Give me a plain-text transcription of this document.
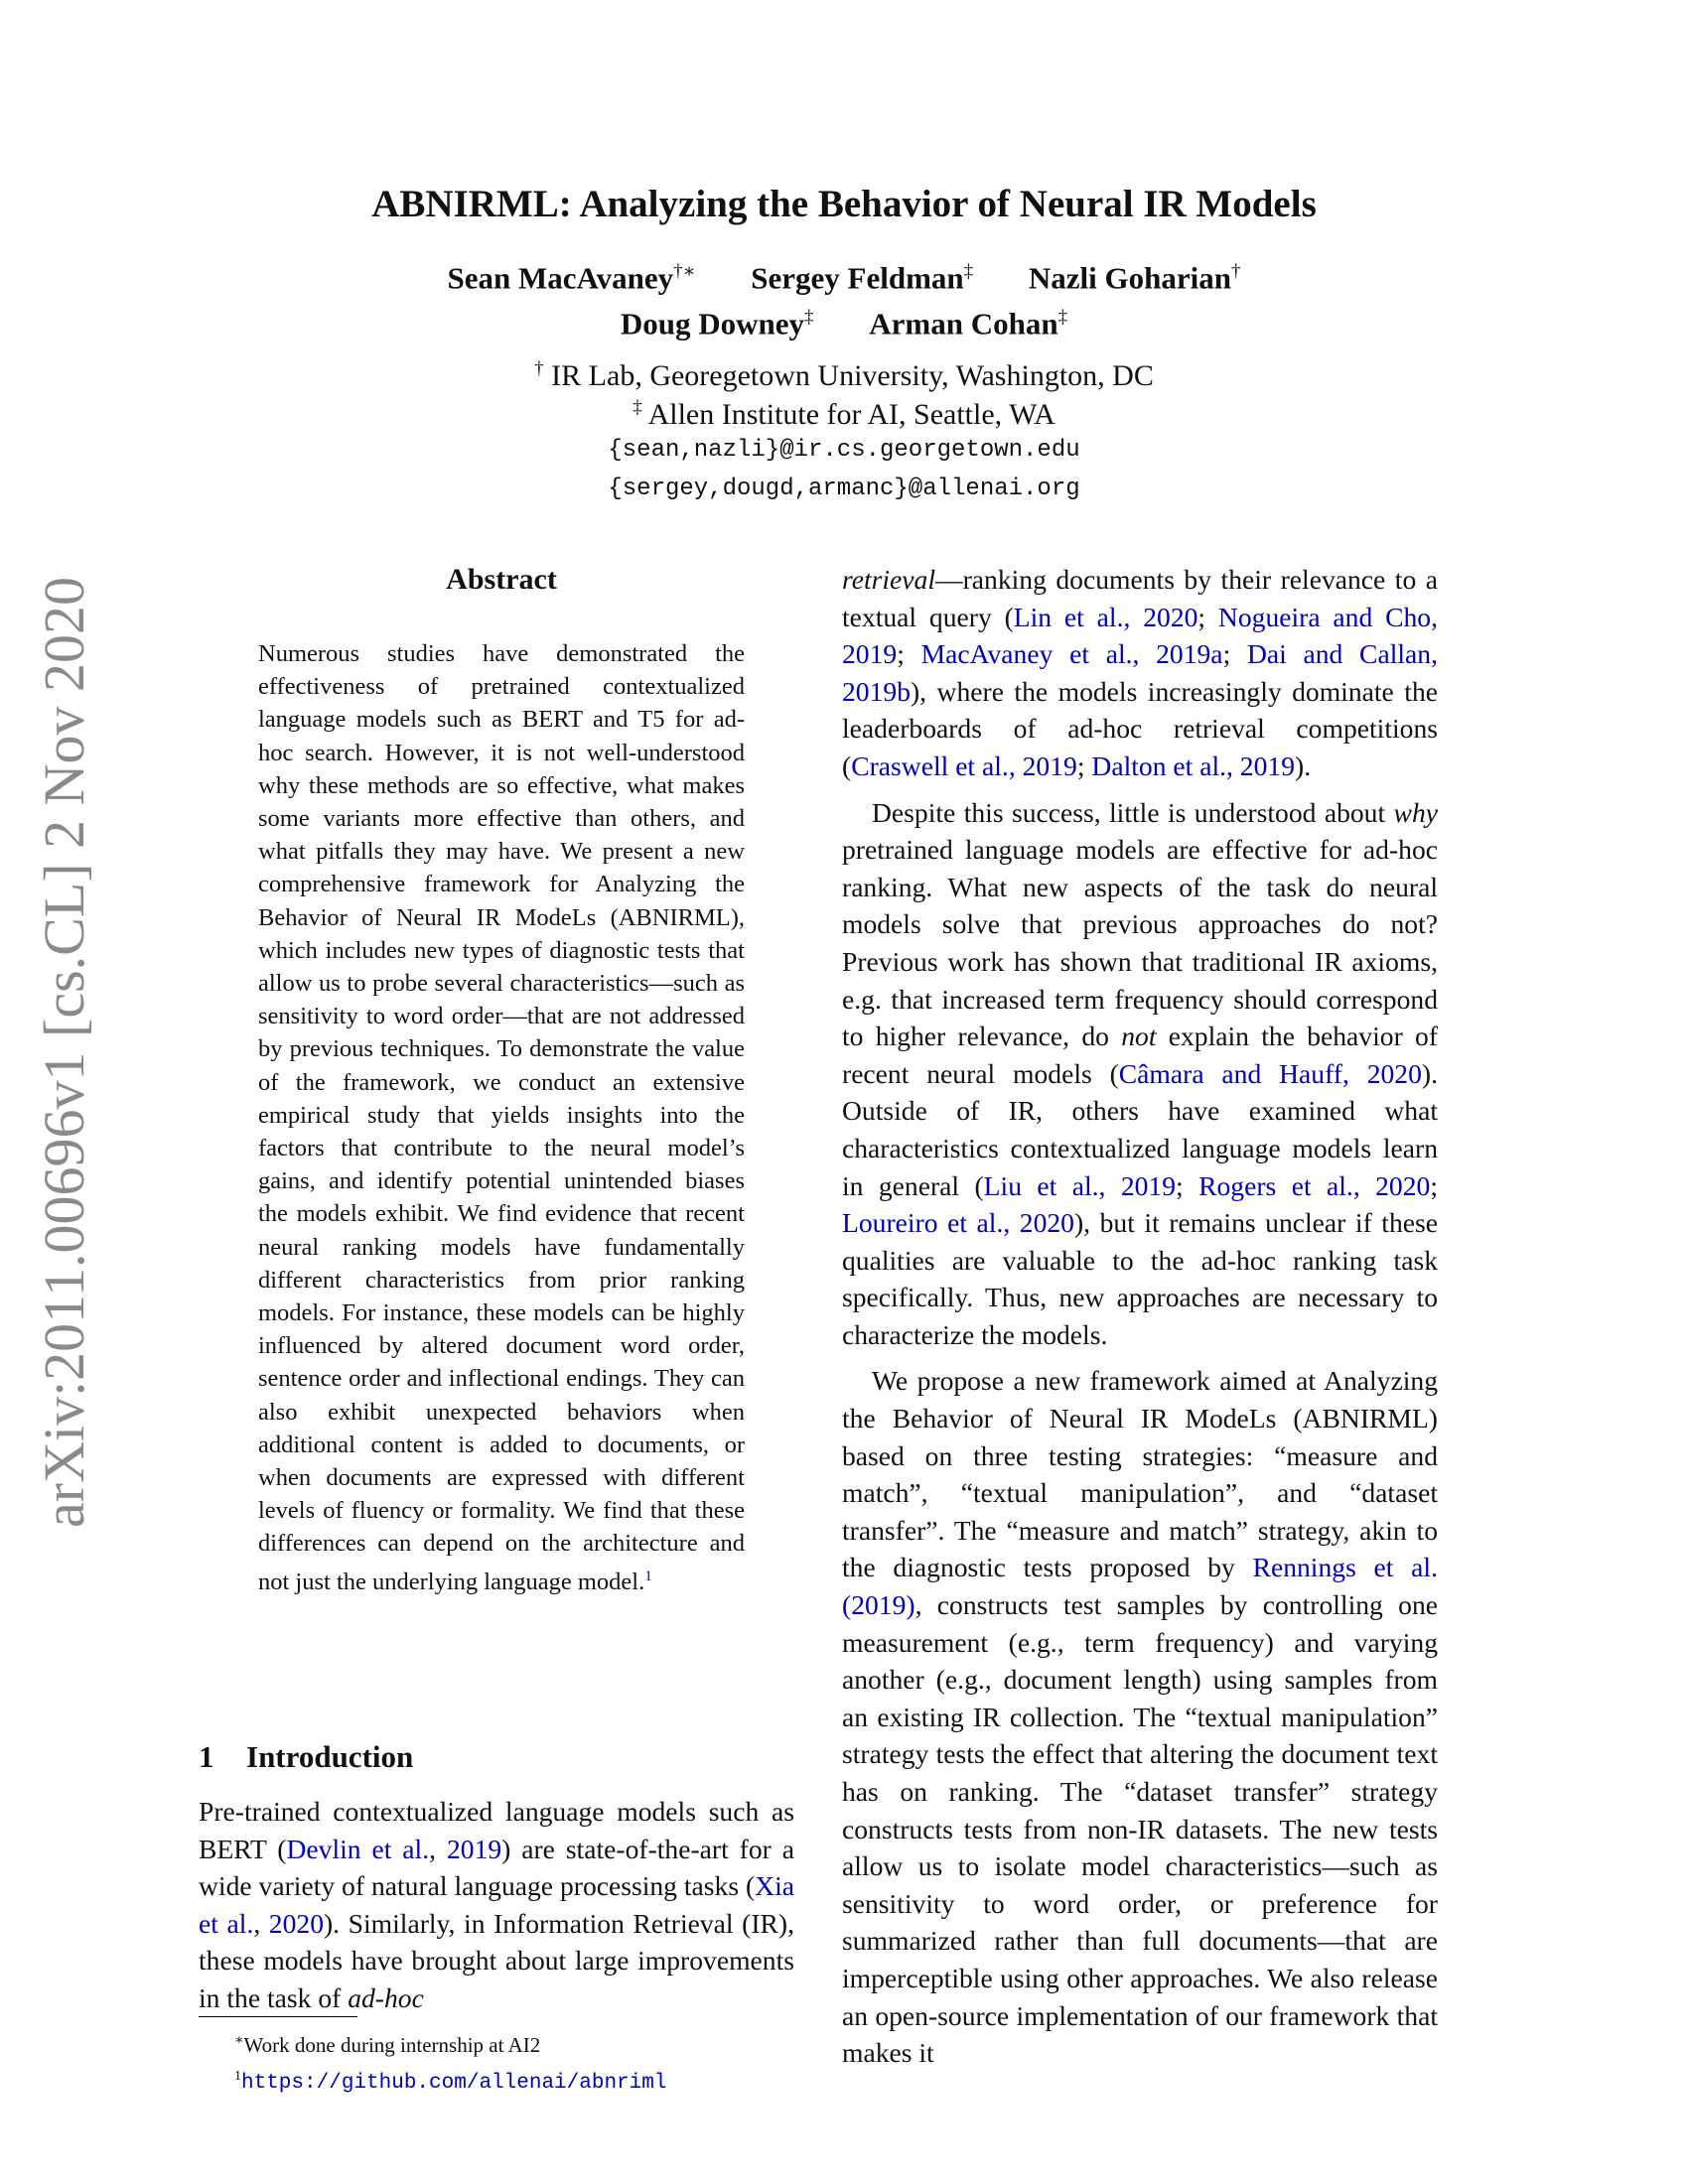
arXiv:2011.00696v1 [cs.CL] 2 Nov 2020
ABNIRML: Analyzing the Behavior of Neural IR Models
Sean MacAvaney†∗ Sergey Feldman‡ Nazli Goharian†
Doug Downey‡ Arman Cohan‡
† IR Lab, Georegetown University, Washington, DC
‡ Allen Institute for AI, Seattle, WA
{sean,nazli}@ir.cs.georgetown.edu
{sergey,dougd,armanc}@allenai.org
Abstract
Numerous studies have demonstrated the effectiveness of pretrained contextualized language models such as BERT and T5 for ad-hoc search. However, it is not well-understood why these methods are so effective, what makes some variants more effective than others, and what pitfalls they may have. We present a new comprehensive framework for Analyzing the Behavior of Neural IR ModeLs (ABNIRML), which includes new types of diagnostic tests that allow us to probe several characteristics—such as sensitivity to word order—that are not addressed by previous techniques. To demonstrate the value of the framework, we conduct an extensive empirical study that yields insights into the factors that contribute to the neural model’s gains, and identify potential unintended biases the models exhibit. We find evidence that recent neural ranking models have fundamentally different characteristics from prior ranking models. For instance, these models can be highly influenced by altered document word order, sentence order and inflectional endings. They can also exhibit unexpected behaviors when additional content is added to documents, or when documents are expressed with different levels of fluency or formality. We find that these differences can depend on the architecture and not just the underlying language model.$^1$
1 Introduction

Pre-trained contextualized language models such as BERT (Devlin et al., 2019) are state-of-the-art for a wide variety of natural language processing tasks (Xia et al., 2020). Similarly, in Information Retrieval (IR), these models have brought about large improvements in the task of ad-hoc

retrieval—ranking documents by their relevance to a textual query (Lin et al., 2020; Nogueira and Cho, 2019; MacAvaney et al., 2019a; Dai and Callan, 2019b), where the models increasingly dominate the leaderboards of ad-hoc retrieval competitions (Craswell et al., 2019; Dalton et al., 2019).

Despite this success, little is understood about why pretrained language models are effective for ad-hoc ranking. What new aspects of the task do neural models solve that previous approaches do not? Previous work has shown that traditional IR axioms, e.g. that increased term frequency should correspond to higher relevance, do not explain the behavior of recent neural models (Câmara and Hauff, 2020). Outside of IR, others have examined what characteristics contextualized language models learn in general (Liu et al., 2019; Rogers et al., 2020; Loureiro et al., 2020), but it remains unclear if these qualities are valuable to the ad-hoc ranking task specifically. Thus, new approaches are necessary to characterize the models.

We propose a new framework aimed at Analyzing the Behavior of Neural IR ModeLs (ABNIRML) based on three testing strategies: “measure and match”, “textual manipulation”, and “dataset transfer”. The “measure and match” strategy, akin to the diagnostic tests proposed by Rennings et al. (2019), constructs test samples by controlling one measurement (e.g., term frequency) and varying another (e.g., document length) using samples from an existing IR collection. The “textual manipulation” strategy tests the effect that altering the document text has on ranking. The “dataset transfer” strategy constructs tests from non-IR datasets. The new tests allow us to isolate model characteristics—such as sensitivity to word order, or preference for summarized rather than full documents—that are imperceptible using other approaches. We also release an open-source implementation of our framework that makes it

∗Work done during internship at AI2
$^1$https://github.com/allenai/abnriml
